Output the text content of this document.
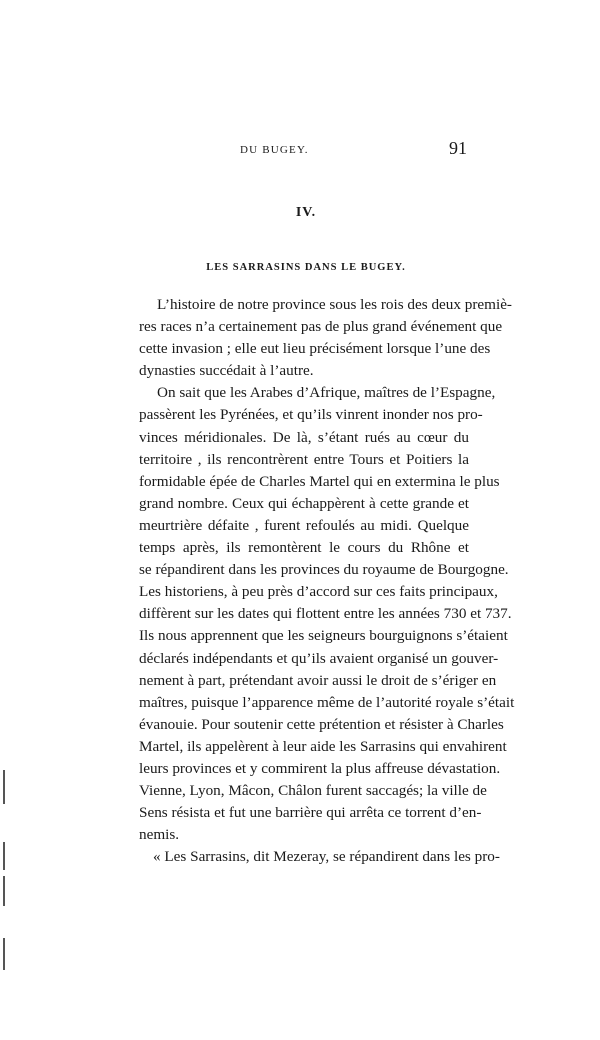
DU BUGEY.	91
IV.
LES SARRASINS DANS LE BUGEY.
L’histoire de notre province sous les rois des deux premiè-
res races n’a certainement pas de plus grand événement que
cette invasion ; elle eut lieu précisément lorsque l’une des
dynasties succédait à l’autre.
On sait que les Arabes d’Afrique, maîtres de l’Espagne,
passèrent les Pyrénées, et qu’ils vinrent inonder nos pro-
vinces méridionales. De là, s’étant rués au cœur du
territoire , ils rencontrèrent entre Tours et Poitiers la
formidable épée de Charles Martel qui en extermina le plus
grand nombre. Ceux qui échappèrent à cette grande et
meurtrière défaite , furent refoulés au midi. Quelque
temps après, ils remontèrent le cours du Rhône et
se répandirent dans les provinces du royaume de Bourgogne.
Les historiens, à peu près d’accord sur ces faits principaux,
diffèrent sur les dates qui flottent entre les années 730 et 737.
Ils nous apprennent que les seigneurs bourguignons s’étaient
déclarés indépendants et qu’ils avaient organisé un gouver-
nement à part, prétendant avoir aussi le droit de s’ériger en
maîtres, puisque l’apparence même de l’autorité royale s’était
évanouie. Pour soutenir cette prétention et résister à Charles
Martel, ils appelèrent à leur aide les Sarrasins qui envahirent
leurs provinces et y commirent la plus affreuse dévastation.
Vienne, Lyon, Mâcon, Châlon furent saccagés; la ville de
Sens résista et fut une barrière qui arrêta ce torrent d’en-
nemis.
« Les Sarrasins, dit Mezeray, se répandirent dans les pro-
